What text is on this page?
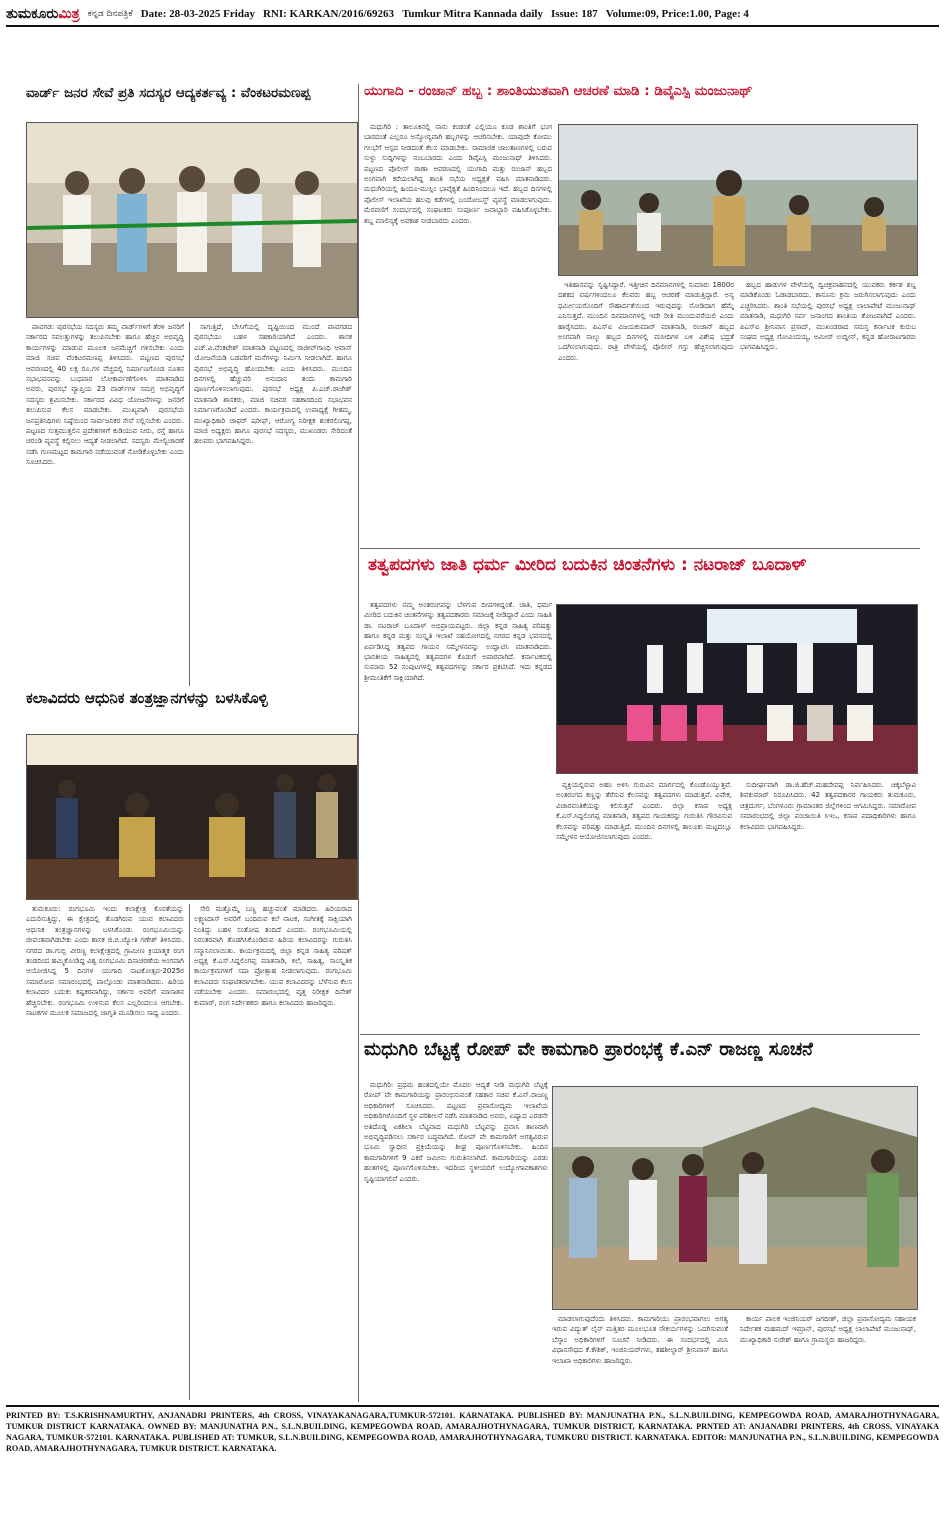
ತುಮಕೂರುಮಿತ್ರ ಕನ್ನಡ ದಿನಪತ್ರಿಕೆ Date: 28-03-2025 Friday RNI: KARKAN/2016/69263 Tumkur Mitra Kannada daily Issue: 187 Volume:09, Price:1.00, Page: 4
ವಾರ್ಡ್ ಜನರ ಸೇವೆ ಪ್ರತಿ ಸದಸ್ಯರ ಆದ್ಯಕರ್ತವ್ಯ : ವೆಂಕಟರಮಣಪ್ಪ

ಪಾವಗಡ: ಪುರಸಭೆಯ ಸದಸ್ಯರು ತಮ್ಮ ವಾರ್ಡ್‌ಗಳಿಗೆ ತೆರಳಿ ಜನರಿಗೆ ಸರ್ಕಾರದ ಸವಲತ್ತುಗಳನ್ನು ತಲುಪಿಸಬೇಕು ಹಾಗೂ ಹೆಚ್ಚಿನ ಅಭಿವೃದ್ಧಿ ಕಾರ್ಯಗಳನ್ನು ಮಾಡುವ ಮೂಲಕ ಜನಮೆಚ್ಚಿಗೆ ಗಳಿಸಬೇಕು ಎಂದು ಮಾಜಿ ಸಚಿವ ವೆಂಕಟರಮಣಪ್ಪ ತಿಳಿಸಿದರು. ಪಟ್ಟಣದ ಪುರಸಭೆ ಆವರಣದಲ್ಲಿ 40 ಲಕ್ಷ ರೂ.ಗಳ ವೆಚ್ಚದಲ್ಲಿ ನಿರ್ಮಾಣಗೊಂಡ ನೂತನ ಸಭಾಭವನವನ್ನು ಬುಧವಾರ ಲೋಕಾರ್ಪಣೆಗೊಳಿಸಿ ಮಾತನಾಡಿದ ಅವರು, ಪುರಸಭೆ ವ್ಯಾಪ್ತಿಯ 23 ವಾರ್ಡ್‌ಗಳ ಸಮಗ್ರ ಅಭಿವೃದ್ಧಿಗೆ ಸದಸ್ಯರು ಶ್ರಮಿಸಬೇಕು. ಸರ್ಕಾರದ ವಿವಿಧ ಯೋಜನೆಗಳನ್ನು ಜನರಿಗೆ ತಲುಪಿಸುವ ಕೆಲಸ ಮಾಡಬೇಕು. ಮುಖ್ಯವಾಗಿ ಪುರಸಭೆಯ ಜನಪ್ರತಿನಿಧಿಗಳು ನಿಷ್ಠೆಯಿಂದ ಸಾರ್ವಜನಿಕರ ಸೇವೆ ಸಲ್ಲಿಸಬೇಕು ಎಂದರು. ಪಟ್ಟಣದ ಸುತ್ತಮುತ್ತಲಿನ ಪ್ರದೇಶಗಳಿಗೆ ಕುಡಿಯುವ ನೀರು, ರಸ್ತೆ ಹಾಗೂ ಚರಂಡಿ ವ್ಯವಸ್ಥೆ ಕಲ್ಪಿಸಲು ಆದ್ಯತೆ ನೀಡಲಾಗಿದೆ. ಸದಸ್ಯರು ಮೇಲ್ವಿಚಾರಣೆ ನಡೆಸಿ ಗುಣಮಟ್ಟದ ಕಾಮಗಾರಿ ನಡೆಯುವಂತೆ ನೋಡಿಕೊಳ್ಳಬೇಕು ಎಂದು ಸೂಚಿಸಿದರು.

ಸಾಗುತ್ತಿದೆ, ಬೇಸಿಗೆಯಲ್ಲಿ ದೃಷ್ಟಿಯಿಂದ ಮುಂದೆ ಪಾವಗಡದ ಪುರಸಭೆಯು ಬಹಳ ಸಹಕಾರಿಯಾಗಿದೆ ಎಂದರು. ಶಾಸಕ ಎಚ್.ವಿ.ವೆಂಕಟೇಶ್ ಮಾತನಾಡಿ ಪಟ್ಟಣದಲ್ಲಿ ರಾಜೀವ್‌ಗಾಂಧಿ ಆವಾಸ್ ಯೋಜನೆಯಡಿ ಬಡವರಿಗೆ ಮನೆಗಳನ್ನು ನಿರ್ಮಿಸಿ ನೀಡಲಾಗಿದೆ. ಹಾಗೂ ಪುರಸಭೆ ಅಭಿವೃದ್ಧಿ ಹೊಂದಬೇಕು ಎಂದು ತಿಳಿಸಿದರು. ಮುಂದಿನ ದಿನಗಳಲ್ಲಿ ಹೆಚ್ಚುವರಿ ಅನುದಾನ ತಂದು ಕಾಮಗಾರಿ ಪೂರ್ಣಗೊಳಿಸಲಾಗುವುದು. ಪುರಸಭೆ ಅಧ್ಯಕ್ಷ ಪಿ.ಎಚ್.ರಾಜೇಶ್ ಮಾತನಾಡಿ ಶಾಸಕರು, ಮಾಜಿ ಸಚಿವರ ಸಹಕಾರದಿಂದ ಸಭಾಭವನ ನಿರ್ಮಾಣಗೊಂಡಿದೆ ಎಂದರು. ಕಾರ್ಯಕ್ರಮದಲ್ಲಿ ಉಪಾಧ್ಯಕ್ಷೆ ಗೀತಮ್ಮ, ಮುಖ್ಯಾಧಿಕಾರಿ ಜಾಫರ್ ಷರೀಫ್, ಆರೋಗ್ಯ ನಿರೀಕ್ಷಕ ಶಂಕರಲಿಂಗಪ್ಪ, ಮಾಜಿ ಅಧ್ಯಕ್ಷರು ಹಾಗೂ ಪುರಸಭೆ ಸದಸ್ಯರು, ಮುಖಂಡರು ಸೇರಿದಂತೆ ಹಲವರು ಭಾಗವಹಿಸಿದ್ದರು.

ಯುಗಾದಿ - ರಂಜಾನ್ ಹಬ್ಬ : ಶಾಂತಿಯುತವಾಗಿ ಆಚರಣೆ ಮಾಡಿ : ಡಿವೈಎಸ್ಪಿ ಮಂಜುನಾಥ್

ಮಧುಗಿರಿ : ತಾಲೂಕಿನಲ್ಲಿ ನಾನು ಕಂಡಂತೆ ಎಲ್ಲಿಯೂ ಕೂಡ ಶಾಂತಿಗೆ ಭಂಗ ಬಾರದಂತೆ ಎಲ್ಲರೂ ಅನ್ಯೋನ್ಯವಾಗಿ ಹಬ್ಬಗಳನ್ನು ಆಚರಿಸಬೇಕು. ಯಾವುದೇ ಕೋಮು ಗಲಭೆಗೆ ಆಸ್ಪದ ನೀಡದಂತೆ ಕೆಲಸ ಮಾಡಬೇಕು. ಸಾಮಾಜಿಕ ಜಾಲತಾಣಗಳಲ್ಲಿ ಬರುವ ಸುಳ್ಳು ಸುದ್ದಿಗಳನ್ನು ನಂಬಬಾರದು ಎಂದು ಡಿವೈಎಸ್ಪಿ ಮಂಜುನಾಥ್ ತಿಳಿಸಿದರು. ಪಟ್ಟಣದ ಪೊಲೀಸ್ ಠಾಣಾ ಆವರಣದಲ್ಲಿ ಯುಗಾದಿ ಮತ್ತು ರಂಜಾನ್ ಹಬ್ಬದ ಅಂಗವಾಗಿ ಕರೆಯಲಾಗಿದ್ದ ಶಾಂತಿ ಸಭೆಯ ಅಧ್ಯಕ್ಷತೆ ವಹಿಸಿ ಮಾತನಾಡಿದರು. ಮಧುಗಿರಿಯಲ್ಲಿ ಹಿಂದೂ-ಮುಸ್ಲಿಂ ಭಾವೈಕ್ಯತೆ ಹಿಂದಿನಿಂದಲೂ ಇದೆ. ಹಬ್ಬದ ದಿನಗಳಲ್ಲಿ ಪೊಲೀಸ್ ಇಲಾಖೆಯ ಹಲವು ಕಡೆಗಳಲ್ಲಿ ಬಂದೋಬಸ್ತ್ ವ್ಯವಸ್ಥೆ ಮಾಡಲಾಗುವುದು. ಮೆರವಣಿಗೆ ಸಂದರ್ಭದಲ್ಲಿ ಸಂಘಟಕರು ಸಂಪೂರ್ಣ ಜವಾಬ್ದಾರಿ ವಹಿಸಿಕೊಳ್ಳಬೇಕು. ಶಬ್ದ ಮಾಲಿನ್ಯಕ್ಕೆ ಅವಕಾಶ ನೀಡಬಾರದು ಎಂದರು.

ಇತಿಹಾಸವನ್ನು ಸೃಷ್ಟಿಸಿದ್ದಾರೆ. ಇತ್ತೀಚಿನ ದಿನಮಾನಗಳಲ್ಲಿ ಸುಮಾರು 1800ರ ದಶಕದ ವರ್ಷಗಳಿಂದಲೂ ಕೆಲವರು ಹಬ್ಬ ಆಚರಣೆ ಮಾಡುತ್ತಿದ್ದಾರೆ. ಅನ್ಯ ಧರ್ಮೀಯರೊಂದಿಗೆ ಸೌಹಾರ್ದತೆಯಿಂದ ಇರುವುದನ್ನು ನೋಡಿದಾಗ ಹೆಮ್ಮೆ ಎನಿಸುತ್ತದೆ. ಮುಂದಿನ ದಿನಮಾನಗಳಲ್ಲಿ ಇದೇ ರೀತಿ ಮುಂದುವರೆಯಲಿ ಎಂದು ಹಾರೈಸಿದರು. ಪಿಎಸ್‌ಐ ವಿಜಯಕುಮಾರ್ ಮಾತನಾಡಿ, ರಂಜಾನ್ ಹಬ್ಬದ ಅಂಗವಾಗಿ ನಾಲ್ಕು ಹಬ್ಬದ ದಿನಗಳಲ್ಲಿ ಮಸೀದಿಗಳ ಬಳಿ ವಿಶೇಷ ಭದ್ರತೆ ಒದಗಿಸಲಾಗುವುದು. ರಾತ್ರಿ ವೇಳೆಯಲ್ಲಿ ಪೊಲೀಸ್ ಗಸ್ತು ಹೆಚ್ಚಿಸಲಾಗುವುದು ಎಂದರು.

ಹಬ್ಬದ ಹಾಡುಗಳ ವೇಳೆಯಲ್ಲಿ ದ್ವಿಚಕ್ರವಾಹನದಲ್ಲಿ ಯುವಕರು ಕರ್ಕಶ ಶಬ್ದ ಮಾಡಿಕೊಂಡು ಓಡಾಡಬಾರದು. ಕಾನೂನು ಕ್ರಮ ಜರುಗಿಸಲಾಗುವುದು ಎಂದು ಎಚ್ಚರಿಸಿದರು. ಶಾಂತಿ ಸಭೆಯಲ್ಲಿ ಪುರಸಭೆ ಅಧ್ಯಕ್ಷ ಲಾಲಾಪೇಟೆ ಮಂಜುನಾಥ್ ಮಾತನಾಡಿ, ಮಧುಗಿರಿ ಸರ್ವ ಜನಾಂಗದ ಶಾಂತಿಯ ತೋಟವಾಗಿದೆ ಎಂದರು. ಪಿಎಸ್‌ಐ ಶ್ರೀನಿವಾಸ ಪ್ರಸಾದ್, ಮುಖಂಡರಾದ ಸಮಸ್ತ ಕರ್ನಾಟಕ ಕುರುಬ ಸಂಘದ ಅಧ್ಯಕ್ಷ ಗೋವಿಂದಯ್ಯ, ಅಮೀರ್ ಉದ್ದೀನ್, ಕನ್ನಡ ಹೋರಾಟಗಾರರು ಭಾಗವಹಿಸಿದ್ದರು.

ತತ್ವಪದಗಳು ಜಾತಿ ಧರ್ಮ ಮೀರಿದ ಬದುಕಿನ ಚಿಂತನೆಗಳು : ನಟರಾಜ್ ಬೂದಾಳ್

ತತ್ವಪದಗಳು ನಮ್ಮ ಅಂತರಂಗವನ್ನು ಬೆಳಗುವ ದೀಪಗಳಿದ್ದಂತೆ. ಜಾತಿ, ಧರ್ಮ ಮೀರಿದ ಬದುಕಿನ ಚಿಂತನೆಗಳನ್ನು ತತ್ವಪದಕಾರರು ಸಮಾಜಕ್ಕೆ ನೀಡಿದ್ದಾರೆ ಎಂದು ಸಾಹಿತಿ ಡಾ. ನಟರಾಜ್ ಬೂದಾಳ್ ಅಭಿಪ್ರಾಯಪಟ್ಟರು. ಜಿಲ್ಲಾ ಕನ್ನಡ ಸಾಹಿತ್ಯ ಪರಿಷತ್ತು ಹಾಗೂ ಕನ್ನಡ ಮತ್ತು ಸಂಸ್ಕೃತಿ ಇಲಾಖೆ ಸಹಯೋಗದಲ್ಲಿ ನಗರದ ಕನ್ನಡ ಭವನದಲ್ಲಿ ಏರ್ಪಡಿಸಿದ್ದ ತತ್ವಪದ ಗಾಯನ ಸಮ್ಮೇಳನವನ್ನು ಉದ್ಘಾಟಿಸಿ ಮಾತನಾಡಿದರು. ಭಾರತೀಯ ಸಾಹಿತ್ಯದಲ್ಲಿ ತತ್ವಪದಗಳ ಕೊಡುಗೆ ಅಪಾರವಾಗಿದೆ. ಕರ್ನಾಟಕದಲ್ಲಿ ಸುಮಾರು 52 ಸಂಪುಟಗಳಲ್ಲಿ ತತ್ವಪದಗಳನ್ನು ಸರ್ಕಾರ ಪ್ರಕಟಿಸಿದೆ. ಇದು ಕನ್ನಡದ ಶ್ರೀಮಂತಿಕೆಗೆ ಸಾಕ್ಷಿಯಾಗಿದೆ.

ವ್ಯಕ್ತಿಯಲ್ಲಿರುವ ಅಹಂ ಅಳಿಸಿ ಗುರುವಿನ ಮಾರ್ಗದಲ್ಲಿ ಕೊಂಡೊಯ್ಯುತ್ತವೆ. ಅಂತರಂಗದ ಕಣ್ಣನ್ನು ತೆರೆಸುವ ಕೆಲಸವನ್ನು ತತ್ವಪದಗಳು ಮಾಡುತ್ತವೆ. ವಿವೇಕ, ವಿಚಾರವಂತಿಕೆಯನ್ನು ಕಲಿಸುತ್ತವೆ ಎಂದರು. ಜಿಲ್ಲಾ ಕಸಾಪ ಅಧ್ಯಕ್ಷ ಕೆ.ಎಸ್.ಸಿದ್ದಲಿಂಗಪ್ಪ ಮಾತನಾಡಿ, ತತ್ವಪದ ಗಾಯಕರನ್ನು ಗುರುತಿಸಿ ಗೌರವಿಸುವ ಕೆಲಸವನ್ನು ಪರಿಷತ್ತು ಮಾಡುತ್ತಿದೆ. ಮುಂದಿನ ದಿನಗಳಲ್ಲಿ ತಾಲೂಕು ಮಟ್ಟದಲ್ಲೂ ಸಮ್ಮೇಳನ ಆಯೋಜಿಸಲಾಗುವುದು ಎಂದರು.

ಸುದೀರ್ಘವಾಗಿ ಡಾ.ಜಿ.ಹೆಚ್.ಮಹದೇವಪ್ಪ ನಿರ್ವಹಿಸಿದರು. ಚಿಕ್ಕಬೆಳ್ಳಾವಿ ಶಿವಕುಮಾರ್ ನಿರೂಪಿಸಿದರು. 42 ತತ್ವಪದಕಾರರ ಗಾಯಕರು ತುಮಕೂರು, ಚಿತ್ರದುರ್ಗ, ಬೆಂಗಳೂರು ಗ್ರಾಮಾಂತರ ಜಿಲ್ಲೆಗಳಿಂದ ಆಗಮಿಸಿದ್ದರು. ಸಮಾರೋಪ ಸಮಾರಂಭದಲ್ಲಿ ಜಿಲ್ಲಾ ಪಂಚಾಯಿತಿ ಸಿಇಒ, ಕಸಾಪ ಪದಾಧಿಕಾರಿಗಳು ಹಾಗೂ ಕಲಾವಿದರು ಭಾಗವಹಿಸಿದ್ದರು.

ಕಲಾವಿದರು ಆಧುನಿಕ ತಂತ್ರಜ್ಞಾನಗಳನ್ನು ಬಳಸಿಕೊಳ್ಳಿ

ತುಮಕೂರು: ರಂಗಭೂಮಿ ಇಂದು ಕಲಾಕ್ಷೇತ್ರ ಕೊರತೆಯನ್ನು ಎದುರಿಸುತ್ತಿದ್ದು, ಈ ಕ್ಷೇತ್ರದಲ್ಲಿ ತೊಡಗಿರುವ ಯುವ ಕಲಾವಿದರು ಆಧುನಿಕ ತಂತ್ರಜ್ಞಾನಗಳನ್ನು ಬಳಸಿಕೊಂಡು ರಂಗಭೂಮಿಯನ್ನು ಜೀವಂತವಾಗಿಡಬೇಕು ಎಂದು ಶಾಸಕ ಜಿ.ಬಿ.ಜ್ಯೋತಿ ಗಣೇಶ್ ತಿಳಿಸಿದರು. ನಗರದ ಡಾ.ಗುಬ್ಬಿ ವೀರಣ್ಣ ಕಲಾಕ್ಷೇತ್ರದಲ್ಲಿ ಗ್ರಾಮೀಣ ಕ್ರಿಯಾತ್ಮಕ ರಂಗ ತಂಡದಿಂದ ಹಮ್ಮಿಕೊಂಡಿದ್ದ ವಿಶ್ವ ರಂಗಭೂಮಿ ದಿನಾಚರಣೆಯ ಅಂಗವಾಗಿ ಆಯೋಜಿಸಿದ್ದ 5 ದಿನಗಳ ಯುಗಾದಿ ನಾಟಕೋತ್ಸವ-2025ರ ಸಮಾರೋಪ ಸಮಾರಂಭದಲ್ಲಿ ಪಾಲ್ಗೊಂಡು ಮಾತನಾಡಿದರು. ಹಿರಿಯ ಕಲಾವಿದರ ಬದುಕು ಕಷ್ಟಕರವಾಗಿದ್ದು, ಸರ್ಕಾರ ಅವರಿಗೆ ಮಾಸಾಶನ ಹೆಚ್ಚಿಸಬೇಕು. ರಂಗಭೂಮಿ ಉಳಿಸುವ ಕೆಲಸ ಎಲ್ಲರಿಂದಲೂ ಆಗಬೇಕು. ನಾಟಕಗಳ ಮೂಲಕ ಸಮಾಜದಲ್ಲಿ ಜಾಗೃತಿ ಮೂಡಿಸಲು ಸಾಧ್ಯ ಎಂದರು.

ಸೇರಿ ಮತ್ತೊಮ್ಮೆ ಬಣ್ಣ ಹಚ್ಚುವಂತೆ ಮಾಡಿದರು. ಹಿರಿಯರಾದ ಲಕ್ಷ್ಮಣದಾಸ್ ಅವರಿಗೆ ಬಂದಿರುವ ಕಲೆ ನಾಟಕ, ಸಂಗೀತಕ್ಕೆ ಸಾಕ್ಷಿಯಾಗಿ ನಿಂತಿದ್ದು ಬಹಳ ಸಂತೋಷ ತಂದಿದೆ ಎಂದರು. ರಂಗಭೂಮಿಯಲ್ಲಿ ನಿರಂತರವಾಗಿ ತೊಡಗಿಸಿಕೊಂಡಿರುವ ಹಿರಿಯ ಕಲಾವಿದರನ್ನು ಗುರುತಿಸಿ ಸನ್ಮಾನಿಸಲಾಯಿತು. ಕಾರ್ಯಕ್ರಮದಲ್ಲಿ ಜಿಲ್ಲಾ ಕನ್ನಡ ಸಾಹಿತ್ಯ ಪರಿಷತ್ ಅಧ್ಯಕ್ಷ ಕೆ.ಎಸ್.ಸಿದ್ದಲಿಂಗಪ್ಪ ಮಾತನಾಡಿ, ಕಲೆ, ಸಾಹಿತ್ಯ, ಸಾಂಸ್ಕೃತಿಕ ಕಾರ್ಯಕ್ರಮಗಳಿಗೆ ಸದಾ ಪ್ರೋತ್ಸಾಹ ನೀಡಲಾಗುವುದು. ರಂಗಭೂಮಿ ಕಲಾವಿದರು ಸಂಘಟಿತರಾಗಬೇಕು. ಯುವ ಕಲಾವಿದರನ್ನು ಬೆಳೆಸುವ ಕೆಲಸ ನಡೆಯಬೇಕು ಎಂದರು. ಸಮಾರಂಭದಲ್ಲಿ ವೃತ್ತ ನಿರೀಕ್ಷಕ ದಿನೇಶ್ ಕುಮಾರ್, ರಂಗ ನಿರ್ದೇಶಕರು ಹಾಗೂ ಕಲಾವಿದರು ಹಾಜರಿದ್ದರು.

ಮಧುಗಿರಿ ಬೆಟ್ಟಕ್ಕೆ ರೋಪ್ ವೇ ಕಾಮಗಾರಿ ಪ್ರಾರಂಭಕ್ಕೆ ಕೆ.ಎನ್ ರಾಜಣ್ಣ ಸೂಚನೆ

ಮಧುಗಿರಿ: ಪ್ರಥಮ ಹಂತದಲ್ಲಿಯೇ ಮೊದಲ ಆದ್ಯತೆ ನೀಡಿ ಮಧುಗಿರಿ ಬೆಟ್ಟಕ್ಕೆ ರೋಪ್ ವೇ ಕಾಮಗಾರಿಯನ್ನು ಪ್ರಾರಂಭಿಸುವಂತೆ ಸಹಕಾರ ಸಚಿವ ಕೆ.ಎನ್.ರಾಜಣ್ಣ ಅಧಿಕಾರಿಗಳಿಗೆ ಸೂಚಿಸಿದರು. ಪಟ್ಟಣದ ಪ್ರವಾಸೋದ್ಯಮ ಇಲಾಖೆಯ ಅಧಿಕಾರಿಗಳೊಂದಿಗೆ ಸ್ಥಳ ಪರಿಶೀಲನೆ ನಡೆಸಿ ಮಾತನಾಡಿದ ಅವರು, ಏಷ್ಯಾದ ಎರಡನೇ ಅತಿದೊಡ್ಡ ಏಕಶಿಲಾ ಬೆಟ್ಟವಾದ ಮಧುಗಿರಿ ಬೆಟ್ಟವನ್ನು ಪ್ರವಾಸಿ ತಾಣವಾಗಿ ಅಭಿವೃದ್ಧಿಪಡಿಸಲು ಸರ್ಕಾರ ಬದ್ಧವಾಗಿದೆ. ರೋಪ್ ವೇ ಕಾಮಗಾರಿಗೆ ಅಗತ್ಯವಿರುವ ಭೂಮಿ ಸ್ವಾಧೀನ ಪ್ರಕ್ರಿಯೆಯನ್ನು ಶೀಘ್ರ ಪೂರ್ಣಗೊಳಿಸಬೇಕು. ಹಿಂದಿನ ಕಾಮಗಾರಿಗಳಿಗೆ 9 ಎಕರೆ ಜಮೀನು ಗುರುತಿಸಲಾಗಿದೆ. ಕಾಮಗಾರಿಯನ್ನು ಎರಡು ಹಂತಗಳಲ್ಲಿ ಪೂರ್ಣಗೊಳಿಸಬೇಕು. ಇದರಿಂದ ಸ್ಥಳೀಯರಿಗೆ ಉದ್ಯೋಗಾವಕಾಶಗಳು ಸೃಷ್ಟಿಯಾಗಲಿವೆ ಎಂದರು.

ಮಾಡಲಾಗುವುದೆಂದು ತಿಳಿಸಿದರು. ಕಾಮಗಾರಿಯು ಪ್ರಾರಂಭವಾಗಲು ಅಗತ್ಯ ಇರುವ ವಿದ್ಯುತ್ ಲೈನ್ ಮತ್ತಿತರ ಮೂಲಭೂತ ಸೌಕರ್ಯಗಳನ್ನು ಒದಗಿಸುವಂತೆ ಬೆಸ್ಕಾಂ ಅಧಿಕಾರಿಗಳಿಗೆ ಸೂಚನೆ ನೀಡಿದರು. ಈ ಸಂದರ್ಭದಲ್ಲಿ ಮಿನಿ ವಿಧಾನಸೌಧದ ಕೆ.ಕೌಶಿಕ್, ಇಂಜಿನಿಯರ್‌ಗಳು, ತಹಶೀಲ್ದಾರ್ ಶ್ರೀನಿವಾಸ್ ಹಾಗೂ ಇಲಾಖಾ ಅಧಿಕಾರಿಗಳು ಹಾಜರಿದ್ದರು.

ಕಾರ್ಯ ಪಾಲಕ ಇಂಜಿನಿಯರ್ ಜಗದೀಶ್, ಜಿಲ್ಲಾ ಪ್ರವಾಸೋದ್ಯಮ ಸಹಾಯಕ ನಿರ್ದೇಶಕ ಮಹಮದ್ ಇಮ್ರಾನ್, ಪುರಸಭೆ ಅಧ್ಯಕ್ಷ ಲಾಲಾಪೇಟೆ ಮಂಜುನಾಥ್, ಮುಖ್ಯಾಧಿಕಾರಿ ಸುರೇಶ್ ಹಾಗೂ ಗ್ರಾಮಸ್ಥರು ಹಾಜರಿದ್ದರು.

PRINTED BY: T.S.KRISHNAMURTHY, ANJANADRI PRINTERS, 4th CROSS, VINAYAKANAGARA,TUMKUR-572101. KARNATAKA. PUBLISHED BY: MANJUNATHA P.N., S.L.N.BUILDING, KEMPEGOWDA ROAD, AMARAJHOTHYNAGARA, TUMKUR DISTRICT KARNATAKA. OWNED BY: MANJUNATHA P.N., S.L.N.BUILDING, KEMPEGOWDA ROAD, AMARAJHOTHYNAGARA, TUMKUR DISTRICT, KARNATAKA. PRNTED AT: ANJANADRI PRINTERS, 4th CROSS, VINAYAKA NAGARA, TUMKUR-572101. KARNATAKA. PUBLISHED AT: TUMKUR, S.L.N.BUILDING, KEMPEGOWDA ROAD, AMARAJHOTHYNAGARA, TUMKURU DISTRICT. KARNATAKA. EDITOR: MANJUNATHA P.N., S.L.N.BUILDING, KEMPEGOWDA ROAD, AMARAJHOTHYNAGARA, TUMKUR DISTRICT. KARNATAKA.
